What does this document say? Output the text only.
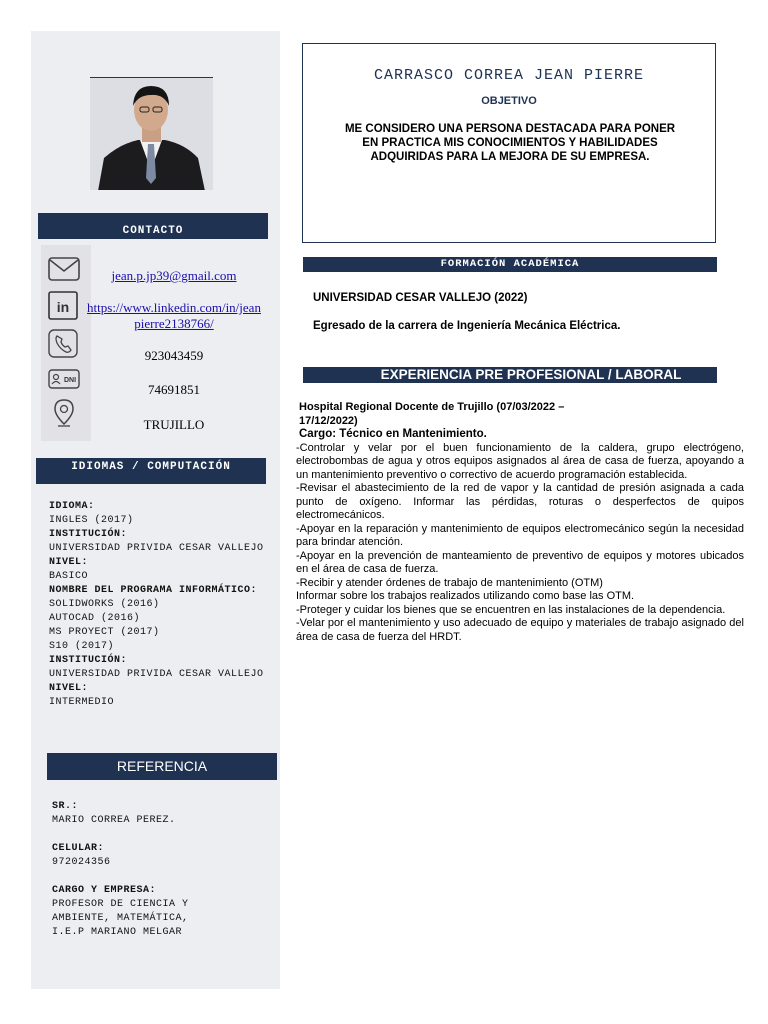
CONTACTO
in
DNI
jean.p.jp39@gmail.com
https://www.linkedin.com/in/jeanpierre2138766/
923043459
74691851
TRUJILLO
IDIOMAS / COMPUTACIÓN
IDIOMA:
INGLES (2017)
INSTITUCIÓN:
UNIVERSIDAD PRIVIDA CESAR VALLEJO
NIVEL:
BASICO
NOMBRE DEL PROGRAMA INFORMÁTICO:
SOLIDWORKS (2016)
AUTOCAD (2016)
MS PROYECT (2017)
S10 (2017)
INSTITUCIÓN:
UNIVERSIDAD PRIVIDA CESAR VALLEJO
NIVEL:
INTERMEDIO
REFERENCIA
SR.:
MARIO CORREA PEREZ.
CELULAR:
972024356
CARGO Y EMPRESA:
PROFESOR DE CIENCIA Y
AMBIENTE, MATEMÁTICA,
I.E.P MARIANO MELGAR
CARRASCO CORREA JEAN PIERRE
OBJETIVO
ME CONSIDERO UNA PERSONA DESTACADA PARA PONER EN PRACTICA MIS CONOCIMIENTOS Y HABILIDADES ADQUIRIDAS PARA LA MEJORA DE SU EMPRESA.
FORMACIÓN ACADÉMICA
UNIVERSIDAD CESAR VALLEJO (2022)
Egresado de la carrera de Ingeniería Mecánica Eléctrica.
EXPERIENCIA PRE PROFESIONAL / LABORAL
Hospital Regional Docente de Trujillo (07/03/2022 – 17/12/2022)
Cargo: Técnico en Mantenimiento.
-Controlar y velar por el buen funcionamiento de la caldera, grupo electrógeno, electrobombas de agua y otros equipos asignados al área de casa de fuerza, apoyando a un mantenimiento preventivo o correctivo de acuerdo programación establecida.
-Revisar el abastecimiento de la red de vapor y la cantidad de presión asignada a cada punto de oxígeno. Informar las pérdidas, roturas o desperfectos de quipos electromecánicos.
-Apoyar en la reparación y mantenimiento de equipos electromecánico según la necesidad para brindar atención.
-Apoyar en la prevención de manteamiento de preventivo de equipos y motores ubicados en el área de casa de fuerza.
-Recibir y atender órdenes de trabajo de mantenimiento (OTM)
Informar sobre los trabajos realizados utilizando como base las OTM.
-Proteger y cuidar los bienes que se encuentren en las instalaciones de la dependencia.
-Velar por el mantenimiento y uso adecuado de equipo y materiales de trabajo asignado del área de casa de fuerza del HRDT.
